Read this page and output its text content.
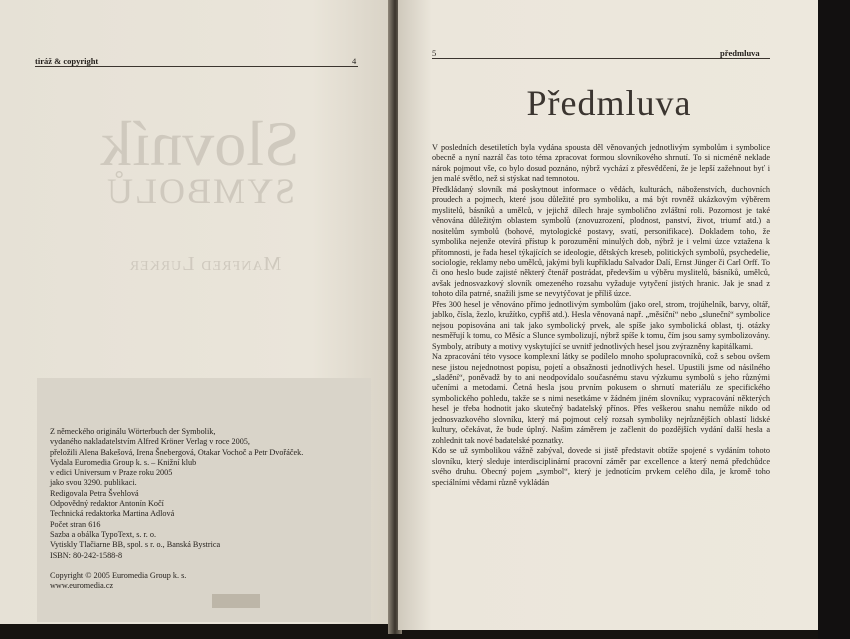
tiráž & copyright	4
Slovník
SYMBOLŮ
Manfred Lurker
Z německého originálu Wörterbuch der Symbolik,
vydaného nakladatelstvím Alfred Kröner Verlag v roce 2005,
přeložili Alena Bakešová, Irena Šnebergová, Otakar Vochoč a Petr Dvořáček.
Vydala Euromedia Group k. s. – Knižní klub
v edici Universum v Praze roku 2005
jako svou 3290. publikaci.
Redigovala Petra Švehlová
Odpovědný redaktor Antonín Kočí
Technická redaktorka Martina Adlová
Počet stran 616
Sazba a obálka TypoText, s. r. o.
Vytiskly Tlačiarne BB, spol. s r. o., Banská Bystrica
ISBN: 80-242-1588-8
Copyright © 2005 Euromedia Group k. s.
www.euromedia.cz
5	předmluva
Předmluva

V posledních desetiletích byla vydána spousta děl věnovaných jednotlivým symbolům i symbolice obecně a nyní nazrál čas toto téma zpracovat formou slovníkového shrnutí. To si nicméně neklade nárok pojmout vše, co bylo dosud poznáno, nýbrž vychází z přesvědčení, že je lepší zažehnout byť i jen malé světlo, než si stýskat nad temnotou.

Předkládaný slovník má poskytnout informace o vědách, kulturách, náboženstvích, duchovních proudech a pojmech, které jsou důležité pro symboliku, a má být rovněž ukázkovým výběrem myslitelů, básníků a umělců, v jejichž dílech hraje symbolično zvláštní roli. Pozornost je také věnována důležitým oblastem symbolů (znovuzrození, plodnost, panství, život, triumf atd.) a nositelům symbolů (bohové, mytologické postavy, svatí, personifikace). Dokladem toho, že symbolika nejenže otevírá přístup k porozumění minulých dob, nýbrž je i velmi úzce vztažena k přítomnosti, je řada hesel týkajících se ideologie, dětských kreseb, politických symbolů, psychedelie, sociologie, reklamy nebo umělců, jakými byli kupříkladu Salvador Dalí, Ernst Jünger či Carl Orff. To či ono heslo bude zajisté některý čtenář postrádat, především u výběru myslitelů, básníků, umělců, avšak jednosvazkový slovník omezeného rozsahu vyžaduje vytyčení jistých hranic. Jak je snad z tohoto díla patrné, snažili jsme se nevytýčovat je příliš úzce.

Přes 300 hesel je věnováno přímo jednotlivým symbolům (jako orel, strom, trojúhelník, barvy, oltář, jablko, čísla, žezlo, kružítko, cypřiš atd.). Hesla věnovaná např. „měsíční“ nebo „sluneční“ symbolice nejsou popisována ani tak jako symbolický prvek, ale spíše jako symbolická oblast, tj. otázky nesměřují k tomu, co Měsíc a Slunce symbolizují, nýbrž spíše k tomu, čím jsou samy symbolizovány. Symboly, atributy a motivy vyskytující se uvnitř jednotlivých hesel jsou zvýrazněny kapitálkami.

Na zpracování této vysoce komplexní látky se podílelo mnoho spolupracovníků, což s sebou ovšem nese jistou nejednotnost popisu, pojetí a obsažnosti jednotlivých hesel. Upustili jsme od násilného „sladění“, poněvadž by to ani neodpovídalo současnému stavu výzkumu symbolů s jeho různými učeními a metodami. Četná hesla jsou prvním pokusem o shrnutí materiálu ze specifického symbolického pohledu, takže se s nimi nesetkáme v žádném jiném slovníku; vypracování některých hesel je třeba hodnotit jako skutečný badatelský přínos. Přes veškerou snahu nemůže nikdo od jednosvazkového slovníku, který má pojmout celý rozsah symboliky nejrůznějších oblastí lidské kultury, očekávat, že bude úplný. Našim záměrem je začlenit do pozdějších vydání další hesla a zohlednit tak nové badatelské poznatky.

Kdo se už symbolikou vážně zabýval, dovede si jistě představit obtíže spojené s vydáním tohoto slovníku, který sleduje interdisciplinární pracovní záměr par excellence a který nemá předchůdce svého druhu. Obecný pojem „symbol“, který je jednotícím prvkem celého díla, je kromě toho speciálními vědami různě vykládán
